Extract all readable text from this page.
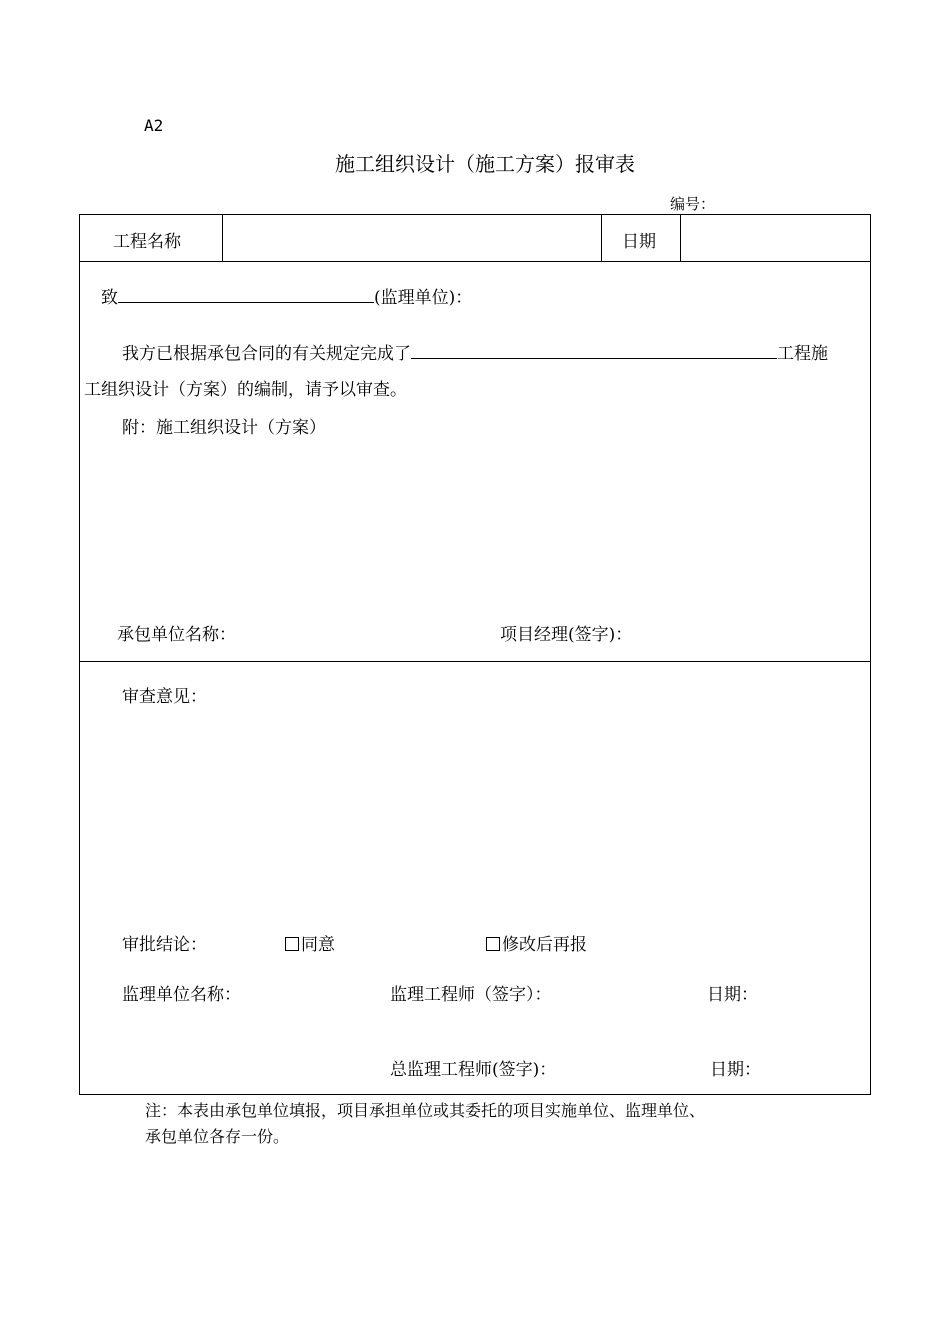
A2
施工组织设计（施工方案）报审表
编号：
工程名称	日期
致	(监理单位)：
我方已根据承包合同的有关规定完成了	工程施
工组织设计（方案）的编制，请予以审查。
附：施工组织设计（方案）
承包单位名称：	项目经理(签字)：
审查意见：
审批结论：	同意	修改后再报
监理单位名称：	监理工程师（签字）：	日期：
总监理工程师(签字)：	日期：
注：本表由承包单位填报，项目承担单位或其委托的项目实施单位、监理单位、
承包单位各存一份。
